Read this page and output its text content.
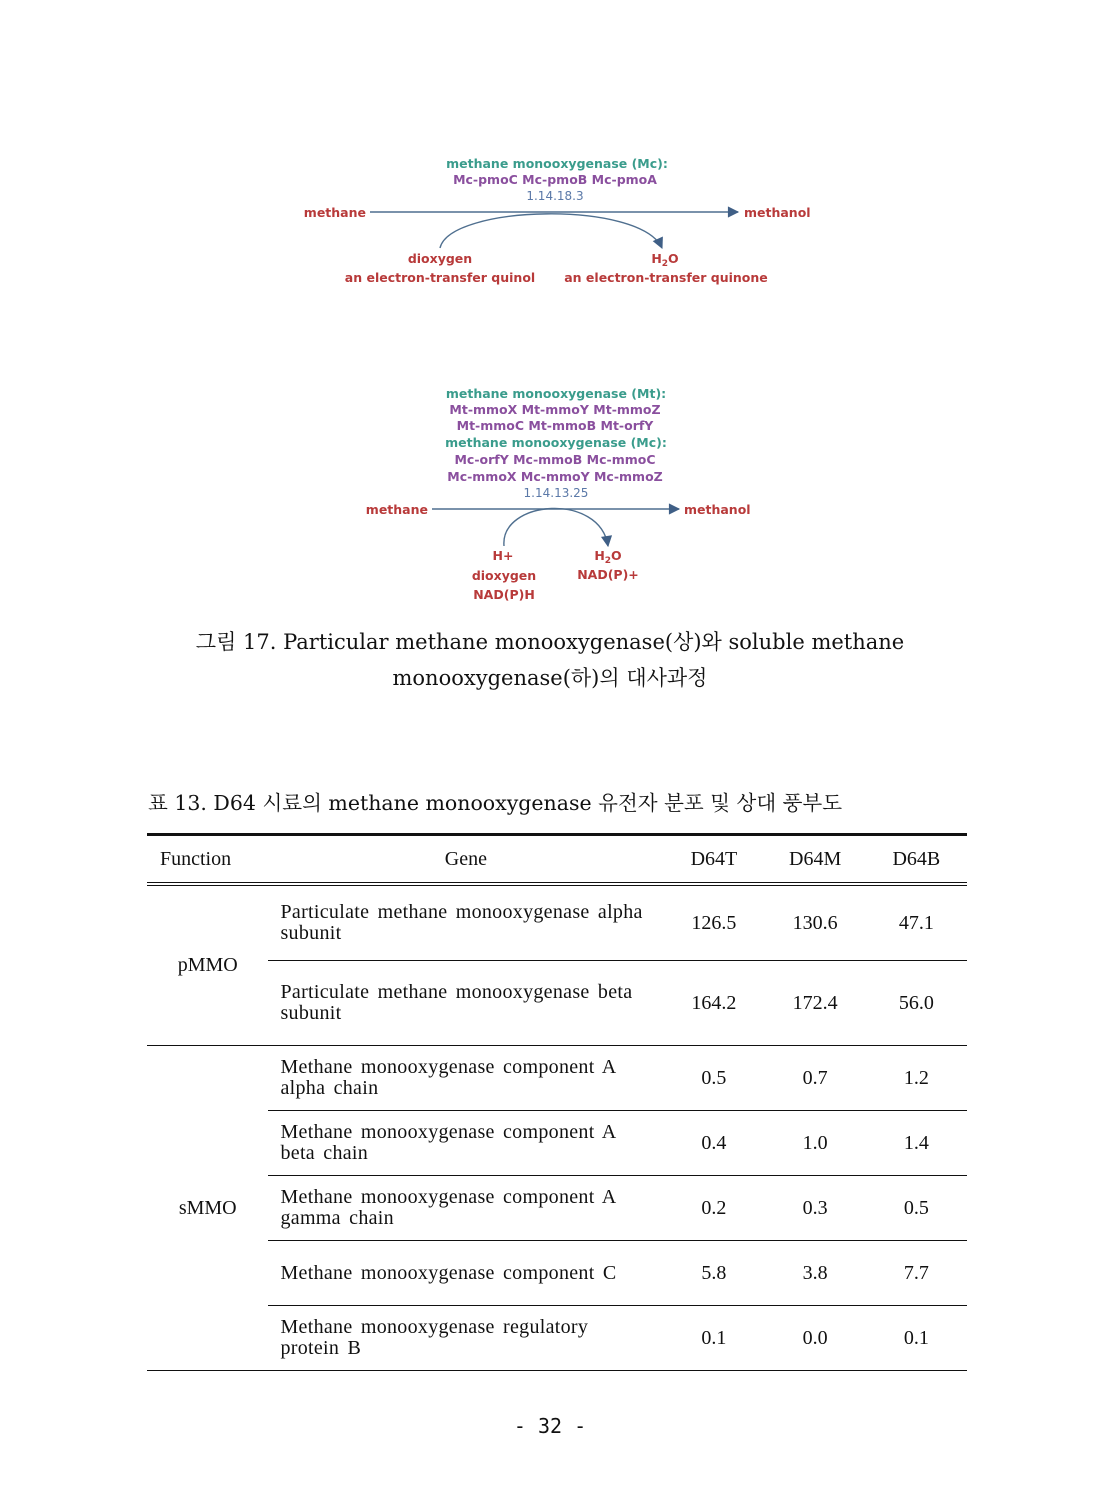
methane monooxygenase (Mc):
Mc-pmoC Mc-pmoB Mc-pmoA
1.14.18.3
methane	methanol
dioxygen
an electron-transfer quinol
$H_2O$
an electron-transfer quinone
methane monooxygenase (Mt):
Mt-mmoX Mt-mmoY Mt-mmoZ
Mt-mmoC Mt-mmoB Mt-orfY
methane monooxygenase (Mc):
Mc-orfY Mc-mmoB Mc-mmoC
Mc-mmoX Mc-mmoY Mc-mmoZ
1.14.13.25
methane	methanol
H+
dioxygen
NAD(P)H
$H_2O$
NAD(P)+
그림 17. Particular methane monooxygenase(상)와 soluble methane
monooxygenase(하)의 대사과정
표 13. D64 시료의 methane monooxygenase 유전자 분포 및 상대 풍부도
Function	Gene	D64T	D64M	D64B
pMMO	Particulate methane monooxygenase alpha subunit	126.5	130.6	47.1
	Particulate methane monooxygenase beta subunit	164.2	172.4	56.0
sMMO	Methane monooxygenase component A alpha chain	0.5	0.7	1.2
	Methane monooxygenase component A beta chain	0.4	1.0	1.4
	Methane monooxygenase component A gamma chain	0.2	0.3	0.5
	Methane monooxygenase component C	5.8	3.8	7.7
	Methane monooxygenase regulatory protein B	0.1	0.0	0.1
- 32 -
